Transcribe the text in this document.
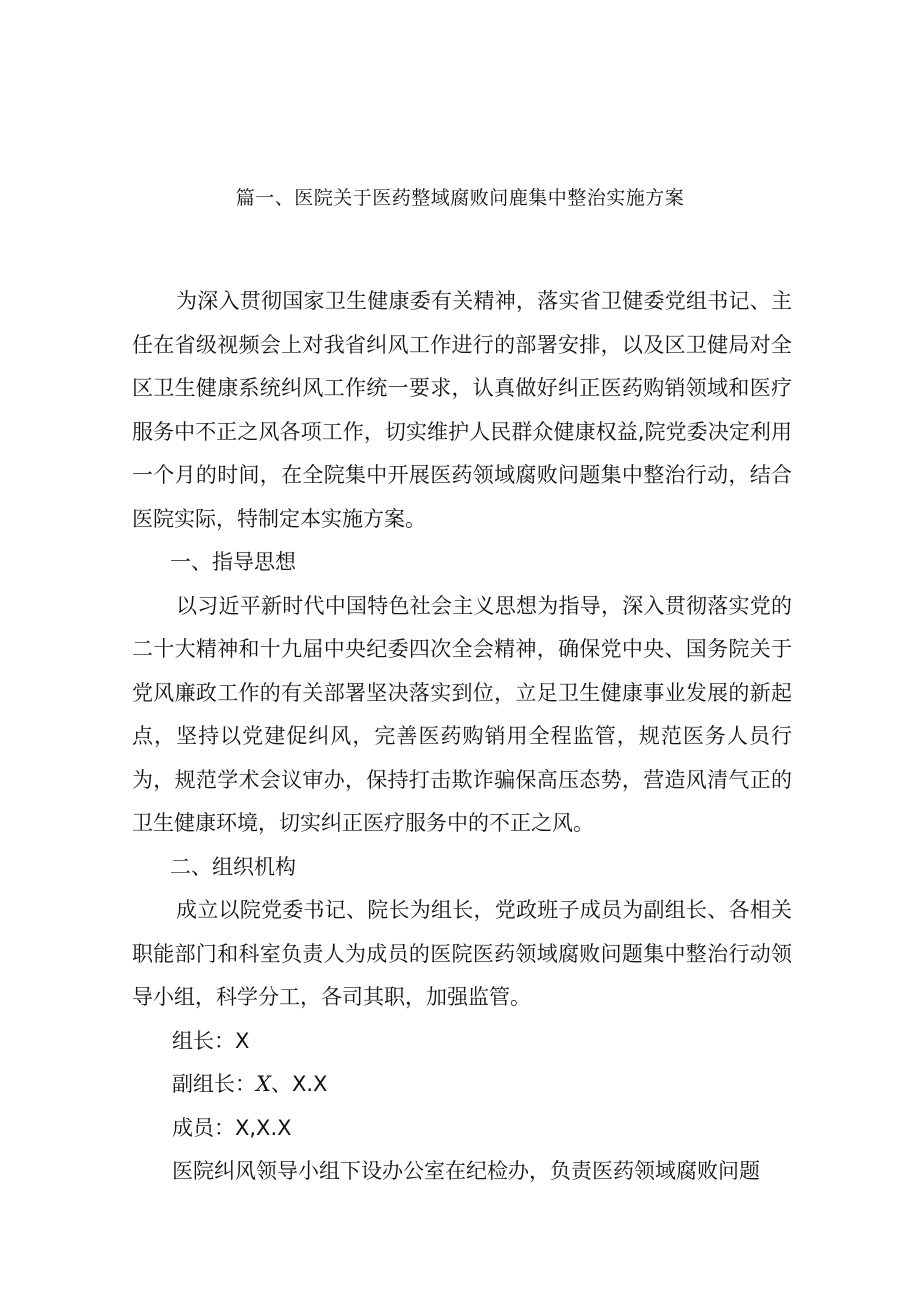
篇一、医院关于医药整域腐败问鹿集中整治实施方案

为深入贯彻国家卫生健康委有关精神，落实省卫健委党组书记、主任在省级视频会上对我省纠风工作进行的部署安排，以及区卫健局对全区卫生健康系统纠风工作统一要求，认真做好纠正医药购销领域和医疗服务中不正之风各项工作，切实维护人民群众健康权益,院党委决定利用一个月的时间，在全院集中开展医药领域腐败问题集中整治行动，结合医院实际，特制定本实施方案。

一、指导思想

以习近平新时代中国特色社会主义思想为指导，深入贯彻落实党的二十大精神和十九届中央纪委四次全会精神，确保党中央、国务院关于党风廉政工作的有关部署坚决落实到位，立足卫生健康事业发展的新起点，坚持以党建促纠风，完善医药购销用全程监管，规范医务人员行为，规范学术会议审办，保持打击欺诈骗保高压态势，营造风清气正的卫生健康环境，切实纠正医疗服务中的不正之风。

二、组织机构

成立以院党委书记、院长为组长，党政班子成员为副组长、各相关职能部门和科室负责人为成员的医院医药领域腐败问题集中整治行动领导小组，科学分工，各司其职，加强监管。

组长：X

副组长：X、X.X

成员：X,X.X

医院纠风领导小组下设办公室在纪检办，负责医药领域腐败问题
